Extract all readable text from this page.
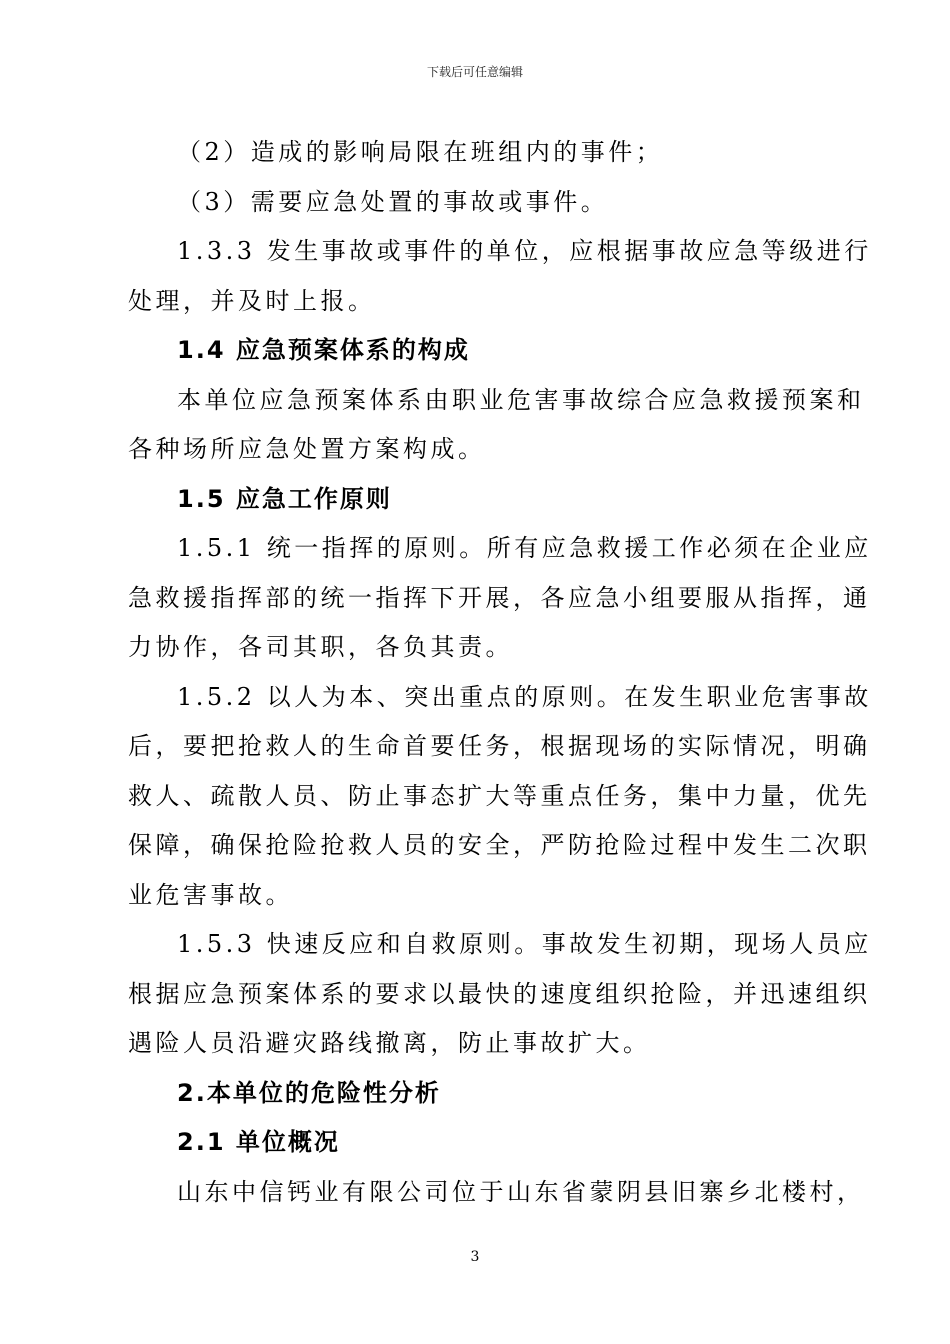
下载后可任意编辑
（2）造成的影响局限在班组内的事件；
（3）需要应急处置的事故或事件。
1.3.3 发生事故或事件的单位，应根据事故应急等级进行
处理，并及时上报。
1.4 应急预案体系的构成
本单位应急预案体系由职业危害事故综合应急救援预案和
各种场所应急处置方案构成。
1.5 应急工作原则
1.5.1 统一指挥的原则。所有应急救援工作必须在企业应
急救援指挥部的统一指挥下开展，各应急小组要服从指挥，通
力协作，各司其职，各负其责。
1.5.2 以人为本、突出重点的原则。在发生职业危害事故
后，要把抢救人的生命首要任务，根据现场的实际情况，明确
救人、疏散人员、防止事态扩大等重点任务，集中力量，优先
保障，确保抢险抢救人员的安全，严防抢险过程中发生二次职
业危害事故。
1.5.3 快速反应和自救原则。事故发生初期，现场人员应
根据应急预案体系的要求以最快的速度组织抢险，并迅速组织
遇险人员沿避灾路线撤离，防止事故扩大。
2.本单位的危险性分析
2.1 单位概况
山东中信钙业有限公司位于山东省蒙阴县旧寨乡北楼村，
3
